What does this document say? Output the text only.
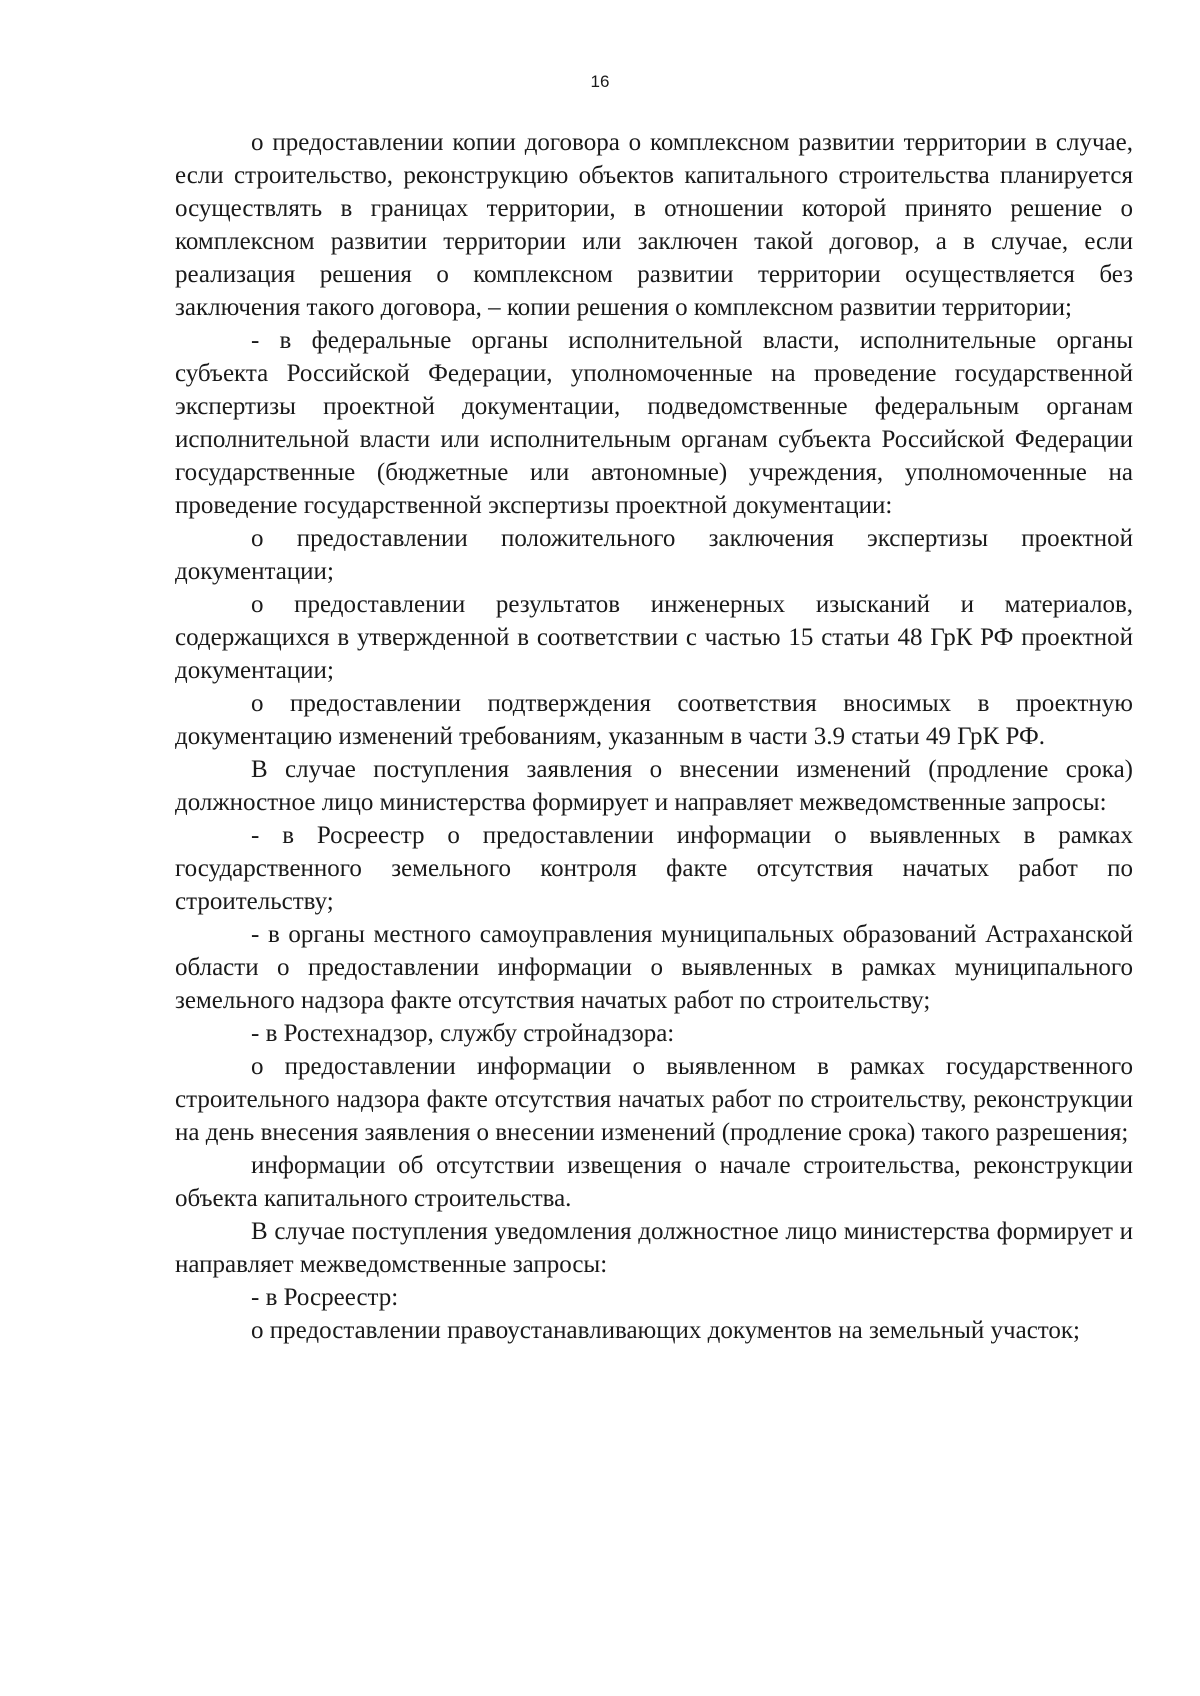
16

о предоставлении копии договора о комплексном развитии территории в случае, если строительство, реконструкцию объектов капитального строительства планируется осуществлять в границах территории, в отношении которой принято решение о комплексном развитии территории или заключен такой договор, а в случае, если реализация решения о комплексном развитии территории осуществляется без заключения такого договора, – копии решения о комплексном развитии территории;

- в федеральные органы исполнительной власти, исполнительные органы субъекта Российской Федерации, уполномоченные на проведение государственной экспертизы проектной документации, подведомственные федеральным органам исполнительной власти или исполнительным органам субъекта Российской Федерации государственные (бюджетные или автономные) учреждения, уполномоченные на проведение государственной экспертизы проектной документации:

о предоставлении положительного заключения экспертизы проектной документации;

о предоставлении результатов инженерных изысканий и материалов, содержащихся в утвержденной в соответствии с частью 15 статьи 48 ГрК РФ проектной документации;

о предоставлении подтверждения соответствия вносимых в проектную документацию изменений требованиям, указанным в части 3.9 статьи 49 ГрК РФ.

В случае поступления заявления о внесении изменений (продление срока) должностное лицо министерства формирует и направляет межведомственные запросы:

- в Росреестр о предоставлении информации о выявленных в рамках государственного земельного контроля факте отсутствия начатых работ по строительству;

- в органы местного самоуправления муниципальных образований Астраханской области о предоставлении информации о выявленных в рамках муниципального земельного надзора факте отсутствия начатых работ по строительству;

- в Ростехнадзор, службу стройнадзора:

о предоставлении информации о выявленном в рамках государственного строительного надзора факте отсутствия начатых работ по строительству, реконструкции на день внесения заявления о внесении изменений (продление срока) такого разрешения;

информации об отсутствии извещения о начале строительства, реконструкции объекта капитального строительства.

В случае поступления уведомления должностное лицо министерства формирует и направляет межведомственные запросы:

- в Росреестр:

о предоставлении правоустанавливающих документов на земельный участок;
